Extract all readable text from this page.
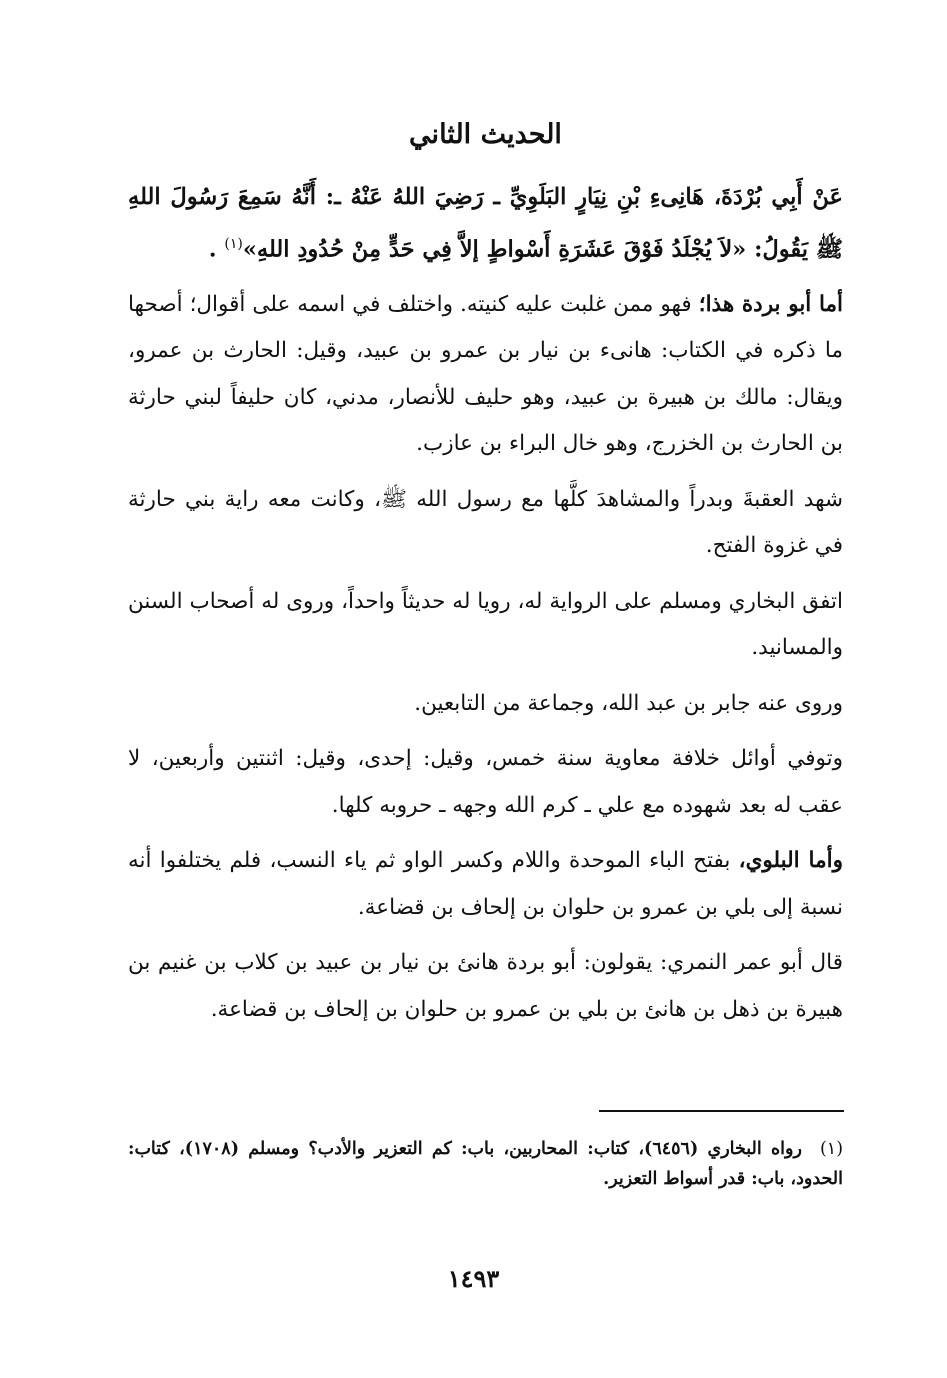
الحديث الثاني
عَنْ أَبِي بُرْدَةَ، هَانِىءِ بْنِ نِيَارٍ البَلَوِيِّ ـ رَضِيَ اللهُ عَنْهُ ـ: أَنَّهُ سَمِعَ رَسُولَ اللهِ ﷺ يَقُولُ: «لاَ يُجْلَدُ فَوْقَ عَشَرَةِ أَسْواطٍ إلاَّ فِي حَدٍّ مِنْ حُدُودِ اللهِ»$^{(١)}$ .

أما أبو بردة هذا؛ فهو ممن غلبت عليه كنيته. واختلف في اسمه على أقوال؛ أصحها ما ذكره في الكتاب: هانىء بن نيار بن عمرو بن عبيد، وقيل: الحارث بن عمرو، ويقال: مالك بن هبيرة بن عبيد، وهو حليف للأنصار، مدني، كان حليفاً لبني حارثة بن الحارث بن الخزرج، وهو خال البراء بن عازب.

شهد العقبةَ وبدراً والمشاهدَ كلَّها مع رسول الله ﷺ، وكانت معه راية بني حارثة في غزوة الفتح.

اتفق البخاري ومسلم على الرواية له، رويا له حديثاً واحداً، وروى له أصحاب السنن والمسانيد.

وروى عنه جابر بن عبد الله، وجماعة من التابعين.

وتوفي أوائل خلافة معاوية سنة خمس، وقيل: إحدى، وقيل: اثنتين وأربعين، لا عقب له بعد شهوده مع علي ـ كرم الله وجهه ـ حروبه كلها.

وأما البلوي، بفتح الباء الموحدة واللام وكسر الواو ثم ياء النسب، فلم يختلفوا أنه نسبة إلى بلي بن عمرو بن حلوان بن إلحاف بن قضاعة.

قال أبو عمر النمري: يقولون: أبو بردة هانئ بن نيار بن عبيد بن كلاب بن غنيم بن هبيرة بن ذهل بن هانئ بن بلي بن عمرو بن حلوان بن إلحاف بن قضاعة.

(١)رواه البخاري (٦٤٥٦)، كتاب: المحاربين، باب: كم التعزير والأدب؟ ومسلم (١٧٠٨)، كتاب: الحدود، باب: قدر أسواط التعزير.
١٤٩٣
